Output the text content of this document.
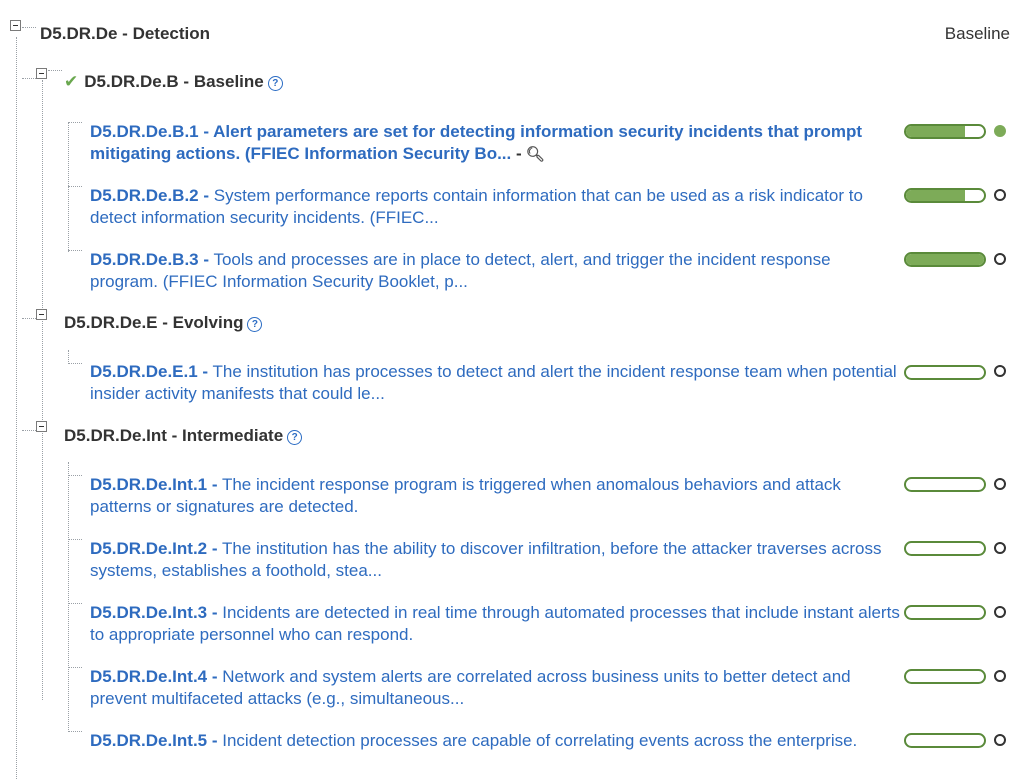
D5.DR.De - Detection	Baseline
✔ D5.DR.De.B - Baseline ?
D5.DR.De.B.1 - Alert parameters are set for detecting information security incidents that prompt mitigating actions. (FFIEC Information Security Bo... - 🔍︎
D5.DR.De.B.2 - System performance reports contain information that can be used as a risk indicator to detect information security incidents. (FFIEC...
D5.DR.De.B.3 - Tools and processes are in place to detect, alert, and trigger the incident response program. (FFIEC Information Security Booklet, p...
D5.DR.De.E - Evolving ?
D5.DR.De.E.1 - The institution has processes to detect and alert the incident response team when potential insider activity manifests that could le...
D5.DR.De.Int - Intermediate ?
D5.DR.De.Int.1 - The incident response program is triggered when anomalous behaviors and attack patterns or signatures are detected.
D5.DR.De.Int.2 - The institution has the ability to discover infiltration, before the attacker traverses across systems, establishes a foothold, stea...
D5.DR.De.Int.3 - Incidents are detected in real time through automated processes that include instant alerts to appropriate personnel who can respond.
D5.DR.De.Int.4 - Network and system alerts are correlated across business units to better detect and prevent multifaceted attacks (e.g., simultaneous...
D5.DR.De.Int.5 - Incident detection processes are capable of correlating events across the enterprise.
